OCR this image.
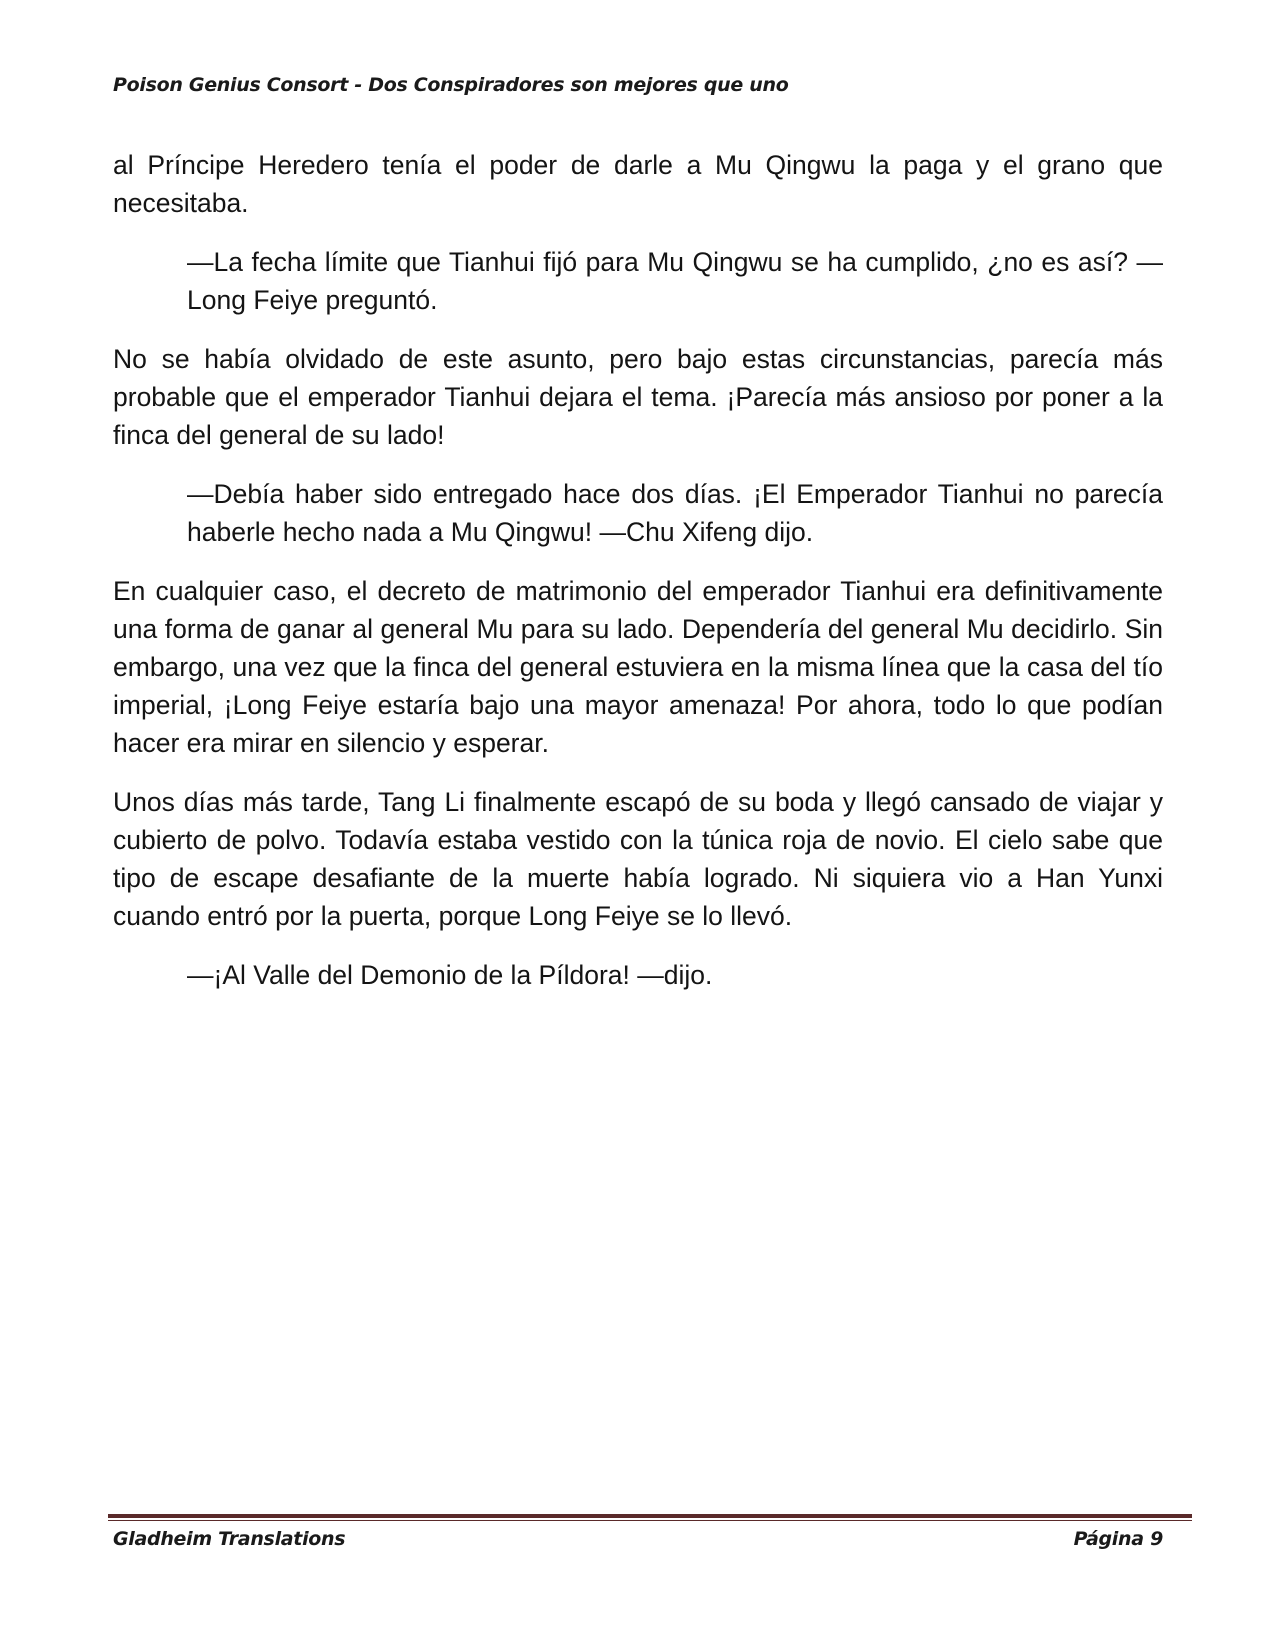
Poison Genius Consort - Dos Conspiradores son mejores que uno

al Príncipe Heredero tenía el poder de darle a Mu Qingwu la paga y el grano que necesitaba.

—La fecha límite que Tianhui fijó para Mu Qingwu se ha cumplido, ¿no es así? —Long Feiye preguntó.

No se había olvidado de este asunto, pero bajo estas circunstancias, parecía más probable que el emperador Tianhui dejara el tema. ¡Parecía más ansioso por poner a la finca del general de su lado!

—Debía haber sido entregado hace dos días. ¡El Emperador Tianhui no parecía haberle hecho nada a Mu Qingwu! —Chu Xifeng dijo.

En cualquier caso, el decreto de matrimonio del emperador Tianhui era definitivamente una forma de ganar al general Mu para su lado. Dependería del general Mu decidirlo. Sin embargo, una vez que la finca del general estuviera en la misma línea que la casa del tío imperial, ¡Long Feiye estaría bajo una mayor amenaza! Por ahora, todo lo que podían hacer era mirar en silencio y esperar.

Unos días más tarde, Tang Li finalmente escapó de su boda y llegó cansado de viajar y cubierto de polvo. Todavía estaba vestido con la túnica roja de novio. El cielo sabe que tipo de escape desafiante de la muerte había logrado. Ni siquiera vio a Han Yunxi cuando entró por la puerta, porque Long Feiye se lo llevó.

—¡Al Valle del Demonio de la Píldora! —dijo.

Gladheim Translations	Página 9
